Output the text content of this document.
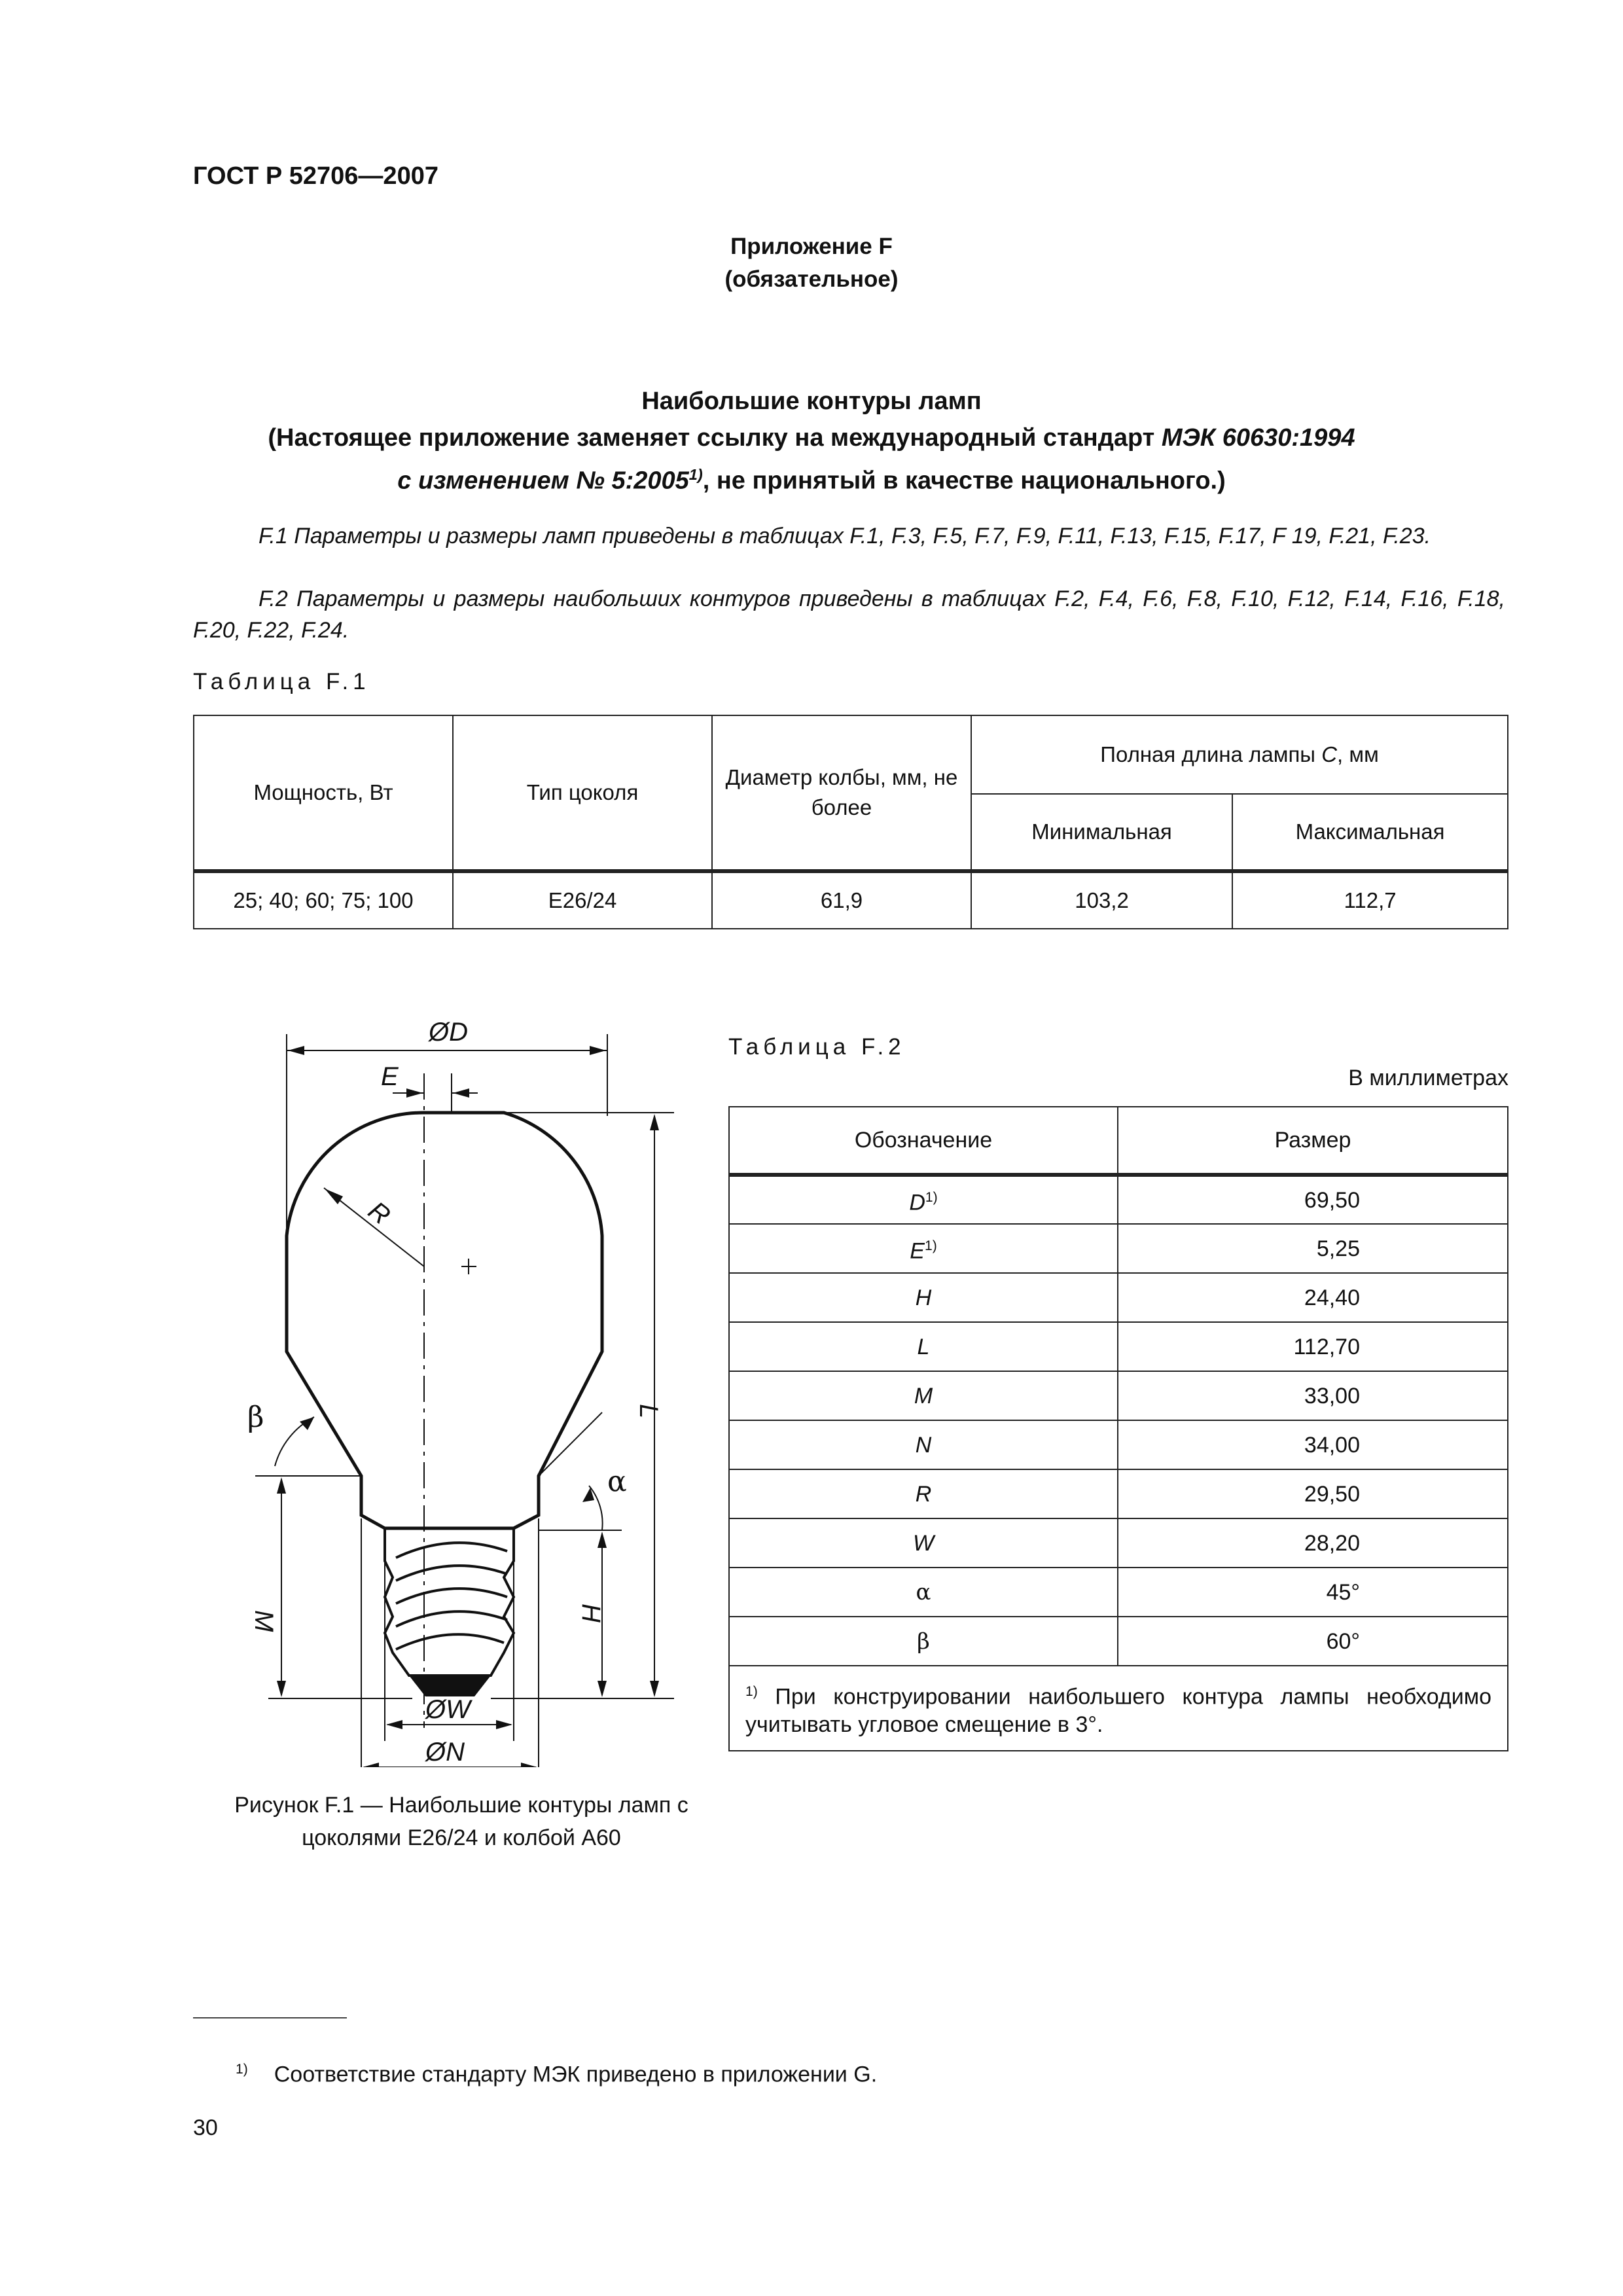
ГОСТ Р 52706—2007
Приложение F
(обязательное)
Наибольшие контуры ламп
(Настоящее приложение заменяет ссылку на международный стандарт МЭК 60630:1994
с изменением № 5:2005$^{1)}$, не принятый в качестве национального.)
F.1 Параметры и размеры ламп приведены в таблицах F.1, F.3, F.5, F.7, F.9, F.11, F.13, F.15, F.17, F 19, F.21, F.23.
F.2 Параметры и размеры наибольших контуров приведены в таблицах F.2, F.4, F.6, F.8, F.10, F.12, F.14, F.16, F.18, F.20, F.22, F.24.
Таблица F.1
Мощность, Вт	Тип цоколя	Диаметр колбы, мм, не более	Полная длина лампы С, мм	
			Минимальная	Максимальная
25; 40; 60; 75; 100	E26/24	61,9	103,2	112,7
ØD
E
R
L
M	H
ØW
ØN
β
α
Рисунок F.1 — Наибольшие контуры ламп с цоколями E26/24 и колбой A60
Таблица F.2
В миллиметрах
Обозначение	Размер
$D^{1)}$	69,50
$E^{1)}$	5,25
H	24,40
L	112,70
M	33,00
N	34,00
R	29,50
W	28,20
α	45°
β	60°
$^{1)}$ При конструировании наибольшего контура лампы необходимо учитывать угловое смещение в 3°.	
$^{1)}$ Соответствие стандарту МЭК приведено в приложении G.
30
